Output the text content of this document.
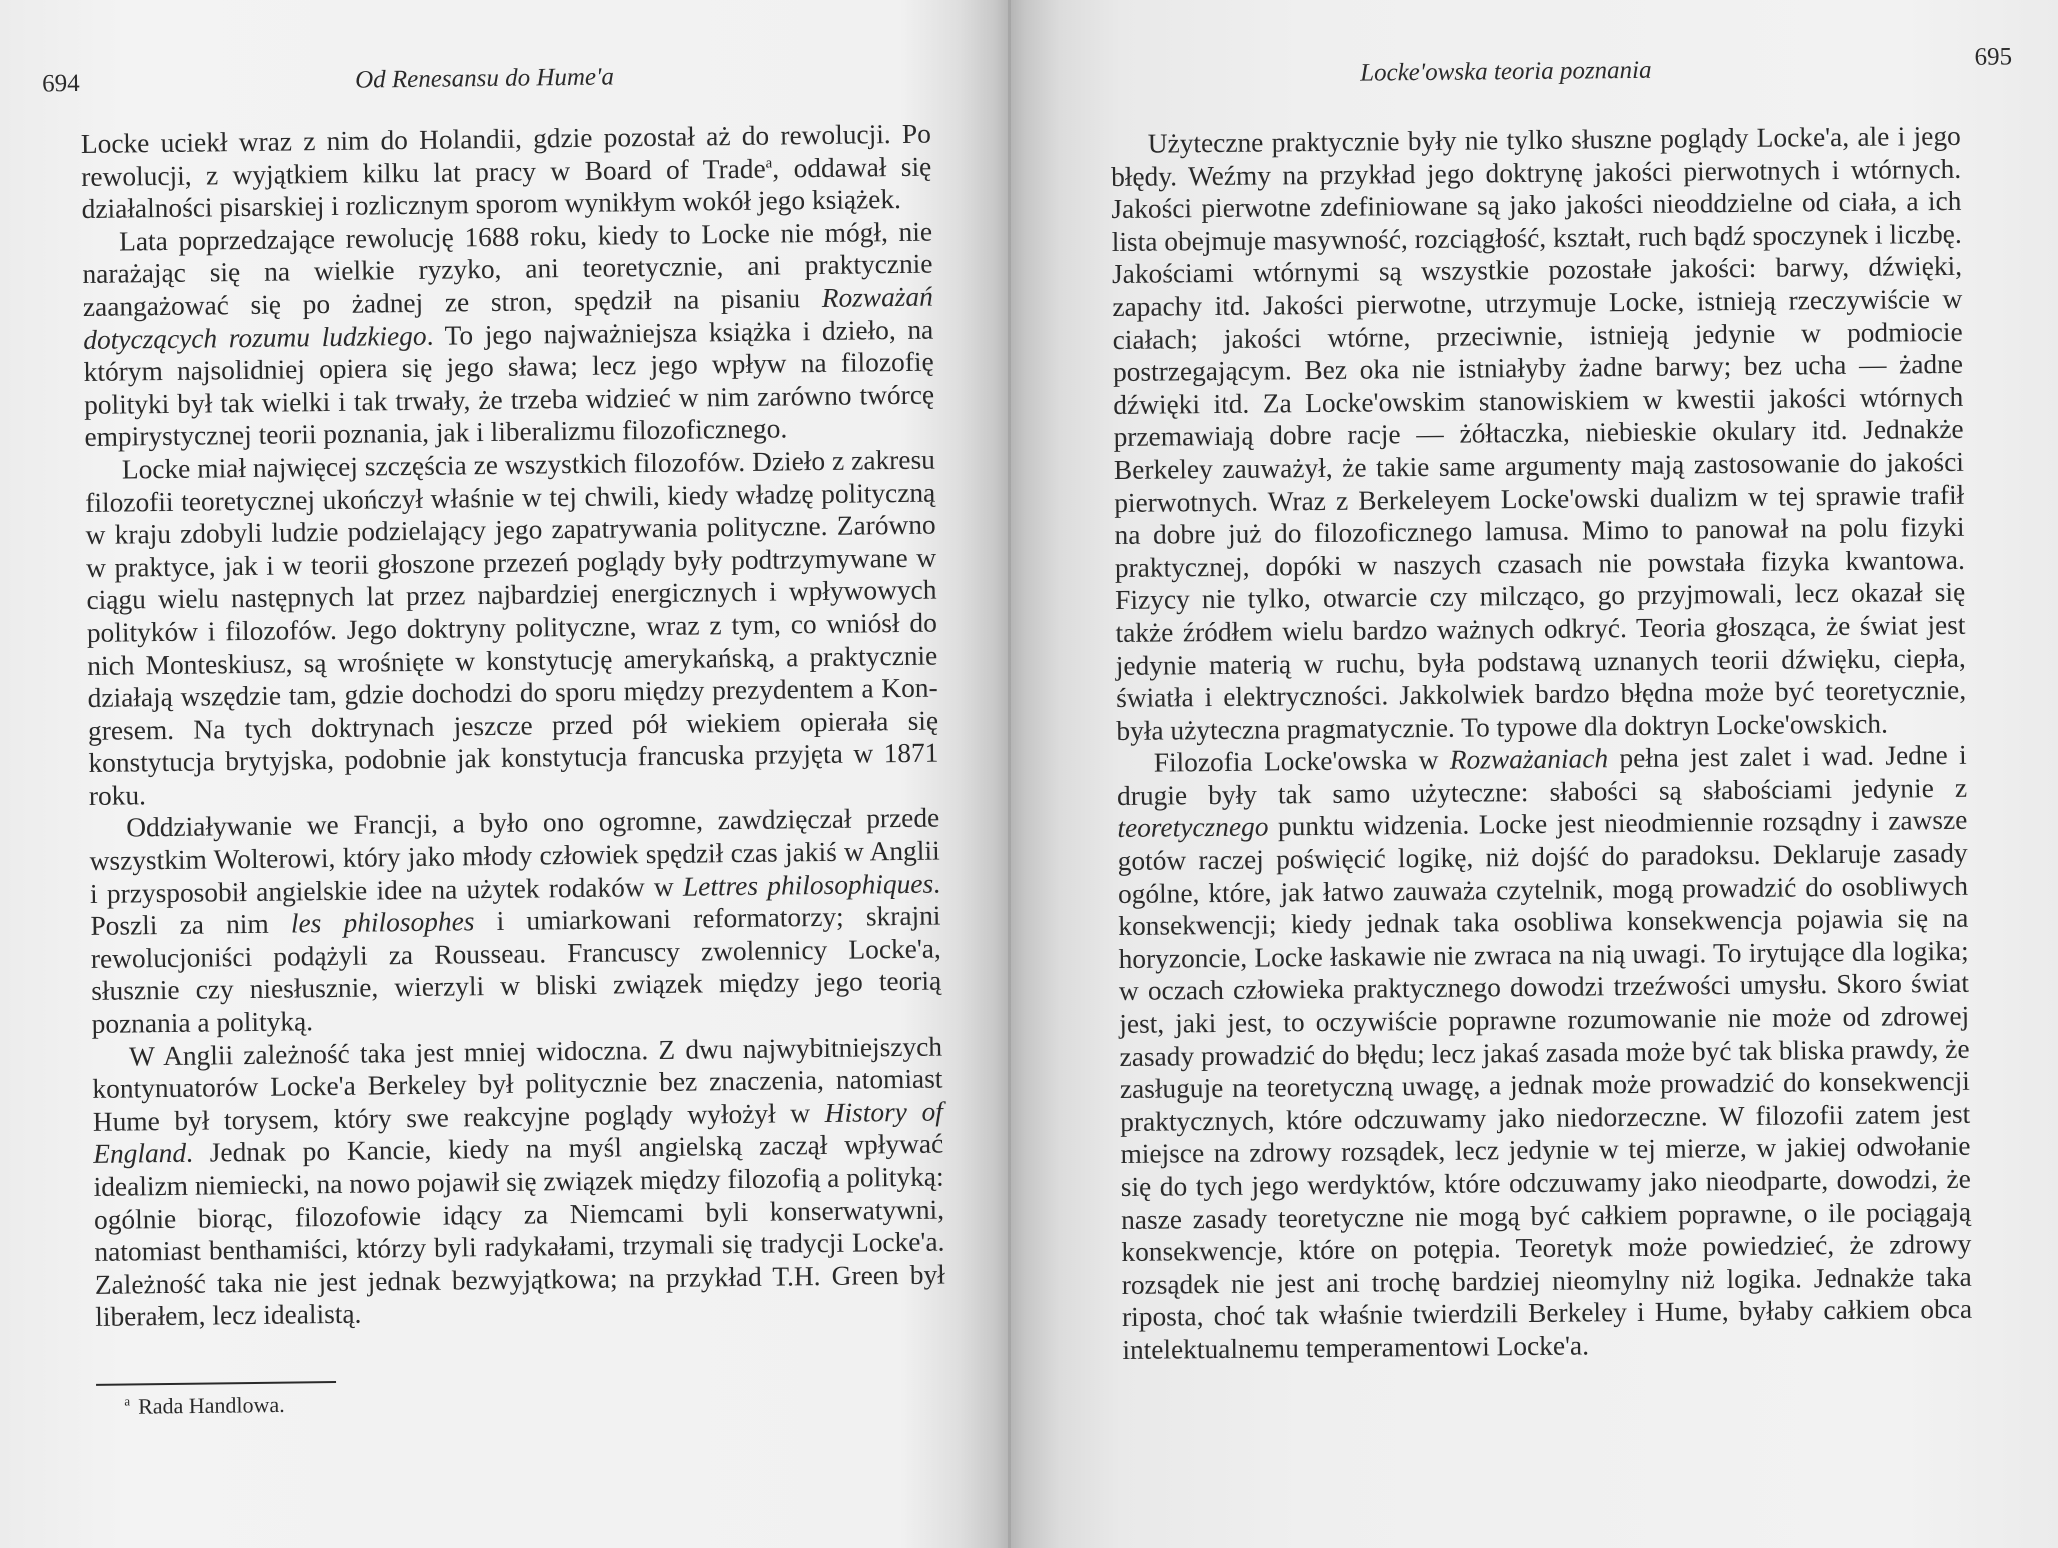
694	Od Renesansu do Hume'a

Locke uciekł wraz z nim do Holandii, gdzie pozostał aż do rewolucji. Po rewolucji, z wyjątkiem kilku lat pracy w Board of Trade$^a$, oddawał się działalności pisarskiej i rozlicznym sporom wynikłym wokół jego książek.

Lata poprzedzające rewolucję 1688 roku, kiedy to Locke nie mógł, nie narażając się na wielkie ryzyko, ani teoretycznie, ani praktycznie zaangażować się po żadnej ze stron, spędził na pisaniu Rozważań dotyczących rozumu ludzkiego. To jego najważniejsza książka i dzieło, na którym najsolidniej opiera się jego sława; lecz jego wpływ na filozofię polityki był tak wielki i tak trwały, że trzeba widzieć w nim zarówno twórcę empirystycznej teorii poznania, jak i liberalizmu filozoficznego.

Locke miał najwięcej szczęścia ze wszystkich filozofów. Dzieło z zakresu filozofii teoretycznej ukończył właśnie w tej chwili, kiedy władzę polityczną w kraju zdobyli ludzie podzielający jego zapatrywania polityczne. Zarówno w praktyce, jak i w teorii głoszone przezeń poglądy były podtrzymywane w ciągu wielu następnych lat przez najbardziej energicznych i wpływowych polityków i filozofów. Jego doktryny polityczne, wraz z tym, co wniósł do nich Monteskiusz, są wrośnięte w konstytucję amerykańską, a praktycznie działają wszędzie tam, gdzie dochodzi do sporu między prezydentem a Kongresem. Na tych doktrynach jeszcze przed pół wiekiem opierała się konstytucja brytyjska, podobnie jak konstytucja francuska przyjęta w 1871 roku.

Oddziaływanie we Francji, a było ono ogromne, zawdzięczał przede wszystkim Wolterowi, który jako młody człowiek spędził czas jakiś w Anglii i przysposobił angielskie idee na użytek rodaków w Lettres philosophiques. Poszli za nim les philosophes i umiarkowani reformatorzy; skrajni rewolucjoniści podążyli za Rousseau. Francuscy zwolennicy Locke'a, słusznie czy niesłusznie, wierzyli w bliski związek między jego teorią poznania a polityką.

W Anglii zależność taka jest mniej widoczna. Z dwu najwybitniejszych kontynuatorów Locke'a Berkeley był politycznie bez znaczenia, natomiast Hume był torysem, który swe reakcyjne poglądy wyłożył w History of England. Jednak po Kancie, kiedy na myśl angielską zaczął wpływać idealizm niemiecki, na nowo pojawił się związek między filozofią a polityką: ogólnie biorąc, filozofowie idący za Niemcami byli konserwatywni, natomiast benthamiści, którzy byli radykałami, trzymali się tradycji Locke'a. Zależność taka nie jest jednak bezwyjątkowa; na przykład T.H. Green był liberałem, lecz idealistą.

$^a$ Rada Handlowa.
Locke'owska teoria poznania	695

Użyteczne praktycznie były nie tylko słuszne poglądy Locke'a, ale i jego błędy. Weźmy na przykład jego doktrynę jakości pierwotnych i wtórnych. Jakości pierwotne zdefiniowane są jako jakości nieoddzielne od ciała, a ich lista obejmuje masywność, rozciągłość, kształt, ruch bądź spoczynek i liczbę. Jakościami wtórnymi są wszystkie pozostałe jakości: barwy, dźwięki, zapachy itd. Jakości pierwotne, utrzymuje Locke, istnieją rzeczywiście w ciałach; jakości wtórne, przeciwnie, istnieją jedynie w podmiocie postrzegającym. Bez oka nie istniałyby żadne barwy; bez ucha — żadne dźwięki itd. Za Locke'owskim stanowiskiem w kwestii jakości wtórnych przemawiają dobre racje — żółtaczka, niebieskie okulary itd. Jednakże Berkeley zauważył, że takie same argumenty mają zastosowanie do jakości pierwotnych. Wraz z Berkeleyem Locke'owski dualizm w tej sprawie trafił na dobre już do filozoficznego lamusa. Mimo to panował na polu fizyki praktycznej, dopóki w naszych czasach nie powstała fizyka kwantowa. Fizycy nie tylko, otwarcie czy milcząco, go przyjmowali, lecz okazał się także źródłem wielu bardzo ważnych odkryć. Teoria głosząca, że świat jest jedynie materią w ruchu, była podstawą uznanych teorii dźwięku, ciepła, światła i elektryczności. Jakkolwiek bardzo błędna może być teoretycznie, była użyteczna pragmatycznie. To typowe dla doktryn Locke'owskich.

Filozofia Locke'owska w Rozważaniach pełna jest zalet i wad. Jedne i drugie były tak samo użyteczne: słabości są słabościami jedynie z teoretycznego punktu widzenia. Locke jest nieodmiennie rozsądny i zawsze gotów raczej poświęcić logikę, niż dojść do paradoksu. Deklaruje zasady ogólne, które, jak łatwo zauważa czytelnik, mogą prowadzić do osobliwych konsekwencji; kiedy jednak taka osobliwa konsekwencja pojawia się na horyzoncie, Locke łaskawie nie zwraca na nią uwagi. To irytujące dla logika; w oczach człowieka praktycznego dowodzi trzeźwości umysłu. Skoro świat jest, jaki jest, to oczywiście poprawne rozumowanie nie może od zdrowej zasady prowadzić do błędu; lecz jakaś zasada może być tak bliska prawdy, że zasługuje na teoretyczną uwagę, a jednak może prowadzić do konsekwencji praktycznych, które odczuwamy jako niedorzeczne. W filozofii zatem jest miejsce na zdrowy rozsądek, lecz jedynie w tej mierze, w jakiej odwołanie się do tych jego werdyktów, które odczuwamy jako nieodparte, dowodzi, że nasze zasady teoretyczne nie mogą być całkiem poprawne, o ile pociągają konsekwencje, które on potępia. Teoretyk może powiedzieć, że zdrowy rozsądek nie jest ani trochę bardziej nieomylny niż logika. Jednakże taka riposta, choć tak właśnie twierdzili Berkeley i Hume, byłaby całkiem obca intelektualnemu temperamentowi Locke'a.
